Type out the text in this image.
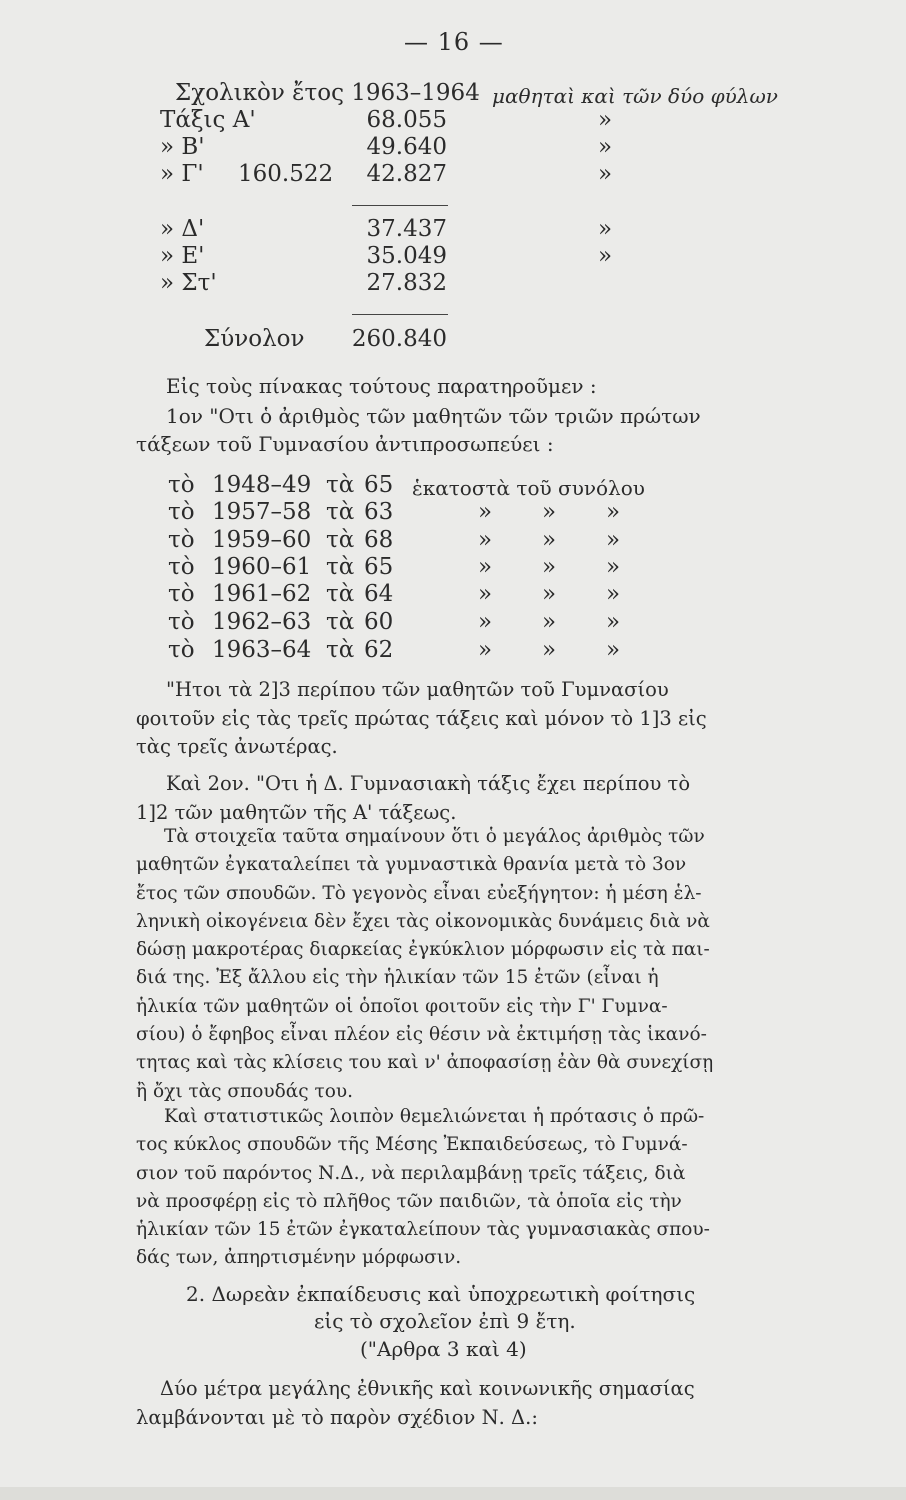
— 16 —
Σχολικὸν ἔτος 1963–1964 μαθηταὶ καὶ τῶν δύο φύλων
Τάξις Α'	68.055	»
» Β'	49.640	»
» Γ' 160.522	42.827	»
» Δ'	37.437	»
» Ε'	35.049	»
» Στ'	27.832
Σύνολον	260.840
Εἰς τοὺς πίνακας τούτους παρατηροῦμεν :
1ον "Οτι ὁ ἀριθμὸς τῶν μαθητῶν τῶν τριῶν πρώτων
τάξεων τοῦ Γυμνασίου ἀντιπροσωπεύει :
τὸ 1948–49 τὰ 65 ἑκατοστὰ τοῦ συνόλου
τὸ 1957–58 τὰ 63	» » »
τὸ 1959–60 τὰ 68	» » »
τὸ 1960–61 τὰ 65	» » »
τὸ 1961–62 τὰ 64	» » »
τὸ 1962–63 τὰ 60	» » »
τὸ 1963–64 τὰ 62	» » »

"Ητοι τὰ 2]3 περίπου τῶν μαθητῶν τοῦ Γυμνασίου

φοιτοῦν εἰς τὰς τρεῖς πρώτας τάξεις καὶ μόνον τὸ 1]3 εἰς

τὰς τρεῖς ἀνωτέρας.

Καὶ 2ον. "Οτι ἡ Δ. Γυμνασιακὴ τάξις ἔχει περίπου τὸ

1]2 τῶν μαθητῶν τῆς Α' τάξεως.

Τὰ στοιχεῖα ταῦτα σημαίνουν ὅτι ὁ μεγάλος ἀριθμὸς τῶν

μαθητῶν ἐγκαταλείπει τὰ γυμναστικὰ θρανία μετὰ τὸ 3ον

ἔτος τῶν σπουδῶν. Τὸ γεγονὸς εἶναι εὐεξήγητον: ἡ μέση ἑλ-

ληνικὴ οἰκογένεια δὲν ἔχει τὰς οἰκονομικὰς δυνάμεις διὰ νὰ

δώσῃ μακροτέρας διαρκείας ἐγκύκλιον μόρφωσιν εἰς τὰ παι-

διά της. Ἐξ ἄλλου εἰς τὴν ἡλικίαν τῶν 15 ἐτῶν (εἶναι ἡ

ἡλικία τῶν μαθητῶν οἱ ὁποῖοι φοιτοῦν εἰς τὴν Γ' Γυμνα-

σίου) ὁ ἔφηβος εἶναι πλέον εἰς θέσιν νὰ ἐκτιμήσῃ τὰς ἱκανό-

τητας καὶ τὰς κλίσεις του καὶ ν' ἀποφασίσῃ ἐὰν θὰ συνεχίσῃ

ἢ ὄχι τὰς σπουδάς του.

Καὶ στατιστικῶς λοιπὸν θεμελιώνεται ἡ πρότασις ὁ πρῶ-

τος κύκλος σπουδῶν τῆς Μέσης Ἐκπαιδεύσεως, τὸ Γυμνά-

σιον τοῦ παρόντος Ν.Δ., νὰ περιλαμβάνῃ τρεῖς τάξεις, διὰ

νὰ προσφέρῃ εἰς τὸ πλῆθος τῶν παιδιῶν, τὰ ὁποῖα εἰς τὴν

ἡλικίαν τῶν 15 ἐτῶν ἐγκαταλείπουν τὰς γυμνασιακὰς σπου-

δάς των, ἀπηρτισμένην μόρφωσιν.

2. Δωρεὰν ἐκπαίδευσις καὶ ὑποχρεωτικὴ φοίτησις
εἰς τὸ σχολεῖον ἐπὶ 9 ἔτη.
("Αρθρα 3 καὶ 4)

Δύο μέτρα μεγάλης ἐθνικῆς καὶ κοινωνικῆς σημασίας

λαμβάνονται μὲ τὸ παρὸν σχέδιον Ν. Δ.:
